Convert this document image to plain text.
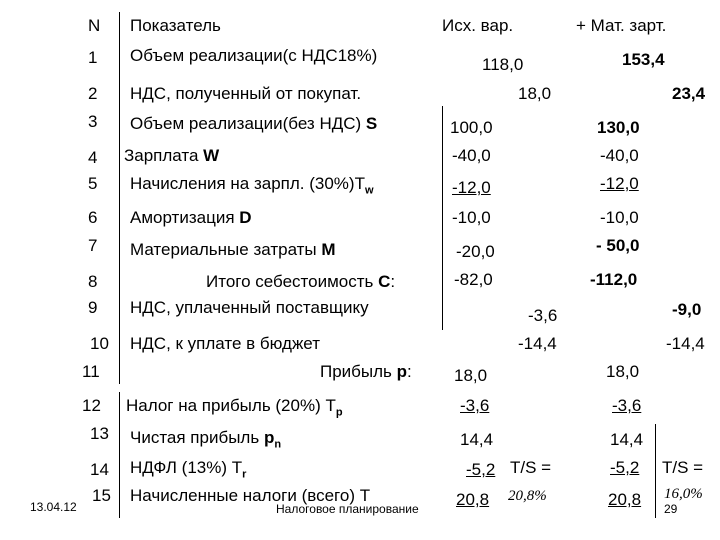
N Показатель	Исх. вар.	+ Мат. зарт.
1 Объем реализации(с НДС18%)	118,0	153,4
2 НДС, полученный от покупат.	18,0	23,4
3 Объем реализации(без НДС) S	100,0	130,0
4 Зарплата W	-40,0	-40,0
5 Начисления на зарпл. $(30\%)T_w$	-12,0	-12,0
6 Амортизация D	-10,0	-10,0
7 Материальные затраты M	-20,0	- 50,0
8	Итого себестоимость C:	-82,0	-112,0
9 НДС, уплаченный поставщику	-3,6	-9,0
10 НДС, к уплате в бюджет	-14,4	-14,4
11	Прибыль p: 18,0	18,0
12 Налог на прибыль (20%) $T_p$	-3,6	-3,6
13 Чистая прибыль $p_n$	14,4	14,4
14 НДФЛ (13%) $T_r$	-5,2 T/S =	-5,2 T/S =
15 Начисленные налоги (всего) T	20,8 20,8%	20,8 16,0%
13.04.12	Налоговое планирование	29
